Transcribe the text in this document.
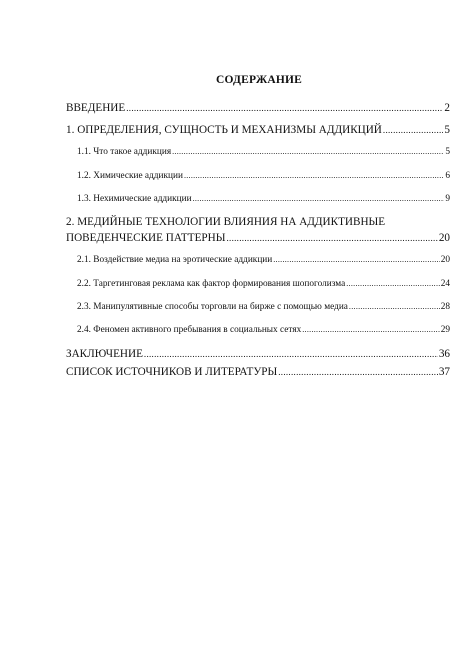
СОДЕРЖАНИЕ
ВВЕДЕНИЕ .....	2
1. ОПРЕДЕЛЕНИЯ, СУЩНОСТЬ И МЕХАНИЗМЫ АДДИКЦИЙ .....	5
1.1. Что такое аддикция .....	5
1.2. Химические аддикции .....	6
1.3. Нехимические аддикции .....	9
2. МЕДИЙНЫЕ ТЕХНОЛОГИИ ВЛИЯНИЯ НА АДДИКТИВНЫЕ
ПОВЕДЕНЧЕСКИЕ ПАТТЕРНЫ .....	20
2.1. Воздействие медиа на эротические аддикции .....	20
2.2. Таргетинговая реклама как фактор формирования шопоголизма .....	24
2.3. Манипулятивные способы торговли на бирже с помощью медиа .....	28
2.4. Феномен активного пребывания в социальных сетях .....	29
ЗАКЛЮЧЕНИЕ .....	36
СПИСОК ИСТОЧНИКОВ И ЛИТЕРАТУРЫ .....	37
